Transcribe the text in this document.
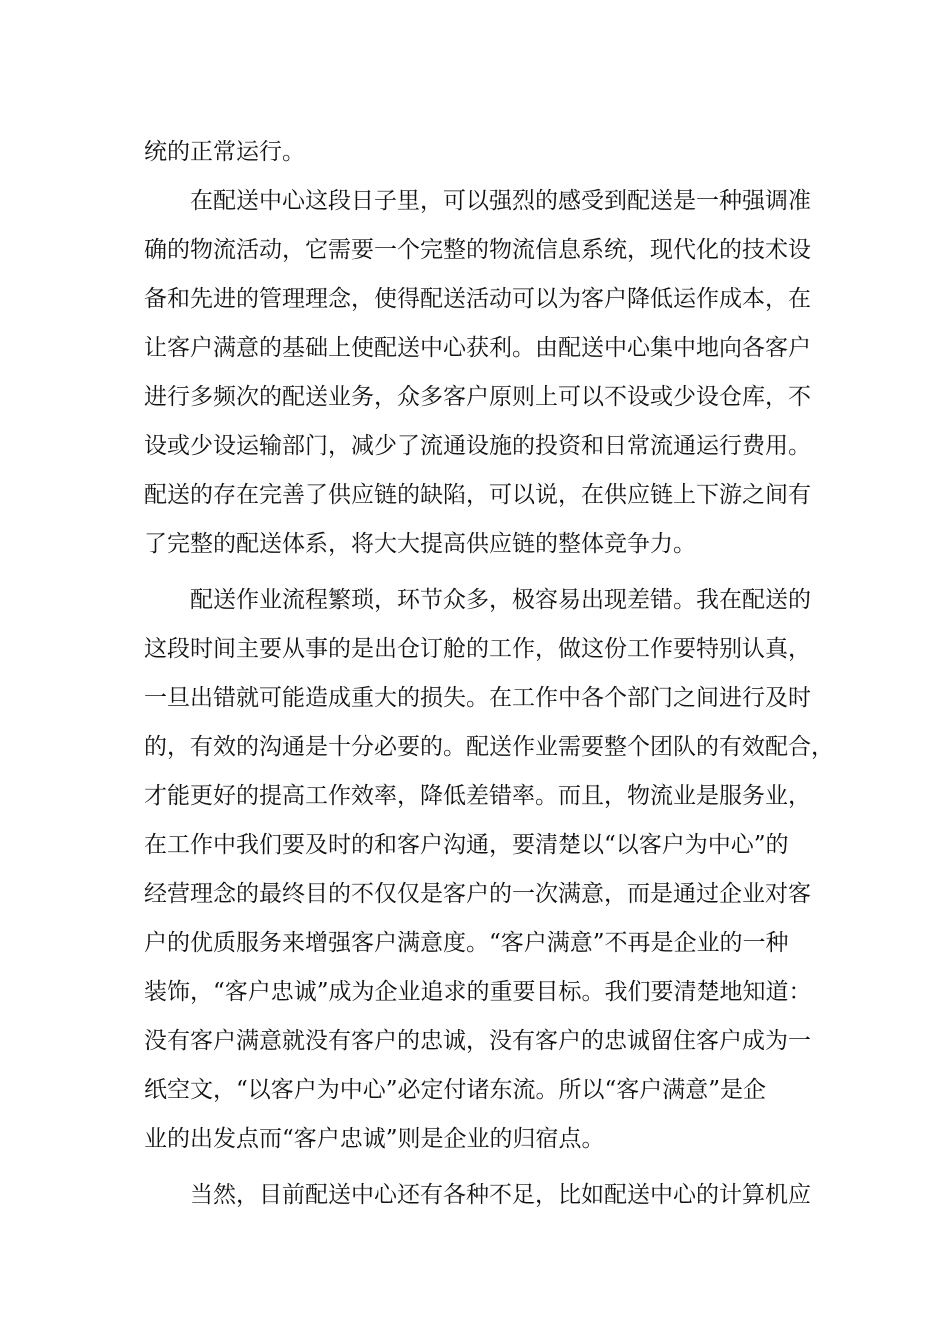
统的正常运行。
在配送中心这段日子里，可以强烈的感受到配送是一种强调准
确的物流活动，它需要一个完整的物流信息系统，现代化的技术设
备和先进的管理理念，使得配送活动可以为客户降低运作成本，在
让客户满意的基础上使配送中心获利。由配送中心集中地向各客户
进行多频次的配送业务，众多客户原则上可以不设或少设仓库，不
设或少设运输部门，减少了流通设施的投资和日常流通运行费用。
配送的存在完善了供应链的缺陷，可以说，在供应链上下游之间有
了完整的配送体系，将大大提高供应链的整体竞争力。
配送作业流程繁琐，环节众多，极容易出现差错。我在配送的
这段时间主要从事的是出仓订舱的工作，做这份工作要特别认真，
一旦出错就可能造成重大的损失。在工作中各个部门之间进行及时
的，有效的沟通是十分必要的。配送作业需要整个团队的有效配合，
才能更好的提高工作效率，降低差错率。而且，物流业是服务业，
在工作中我们要及时的和客户沟通，要清楚以“以客户为中心”的
经营理念的最终目的不仅仅是客户的一次满意，而是通过企业对客
户的优质服务来增强客户满意度。“客户满意”不再是企业的一种
装饰，“客户忠诚”成为企业追求的重要目标。我们要清楚地知道：
没有客户满意就没有客户的忠诚，没有客户的忠诚留住客户成为一
纸空文，“以客户为中心”必定付诸东流。所以“客户满意”是企
业的出发点而“客户忠诚”则是企业的归宿点。
当然，目前配送中心还有各种不足，比如配送中心的计算机应
